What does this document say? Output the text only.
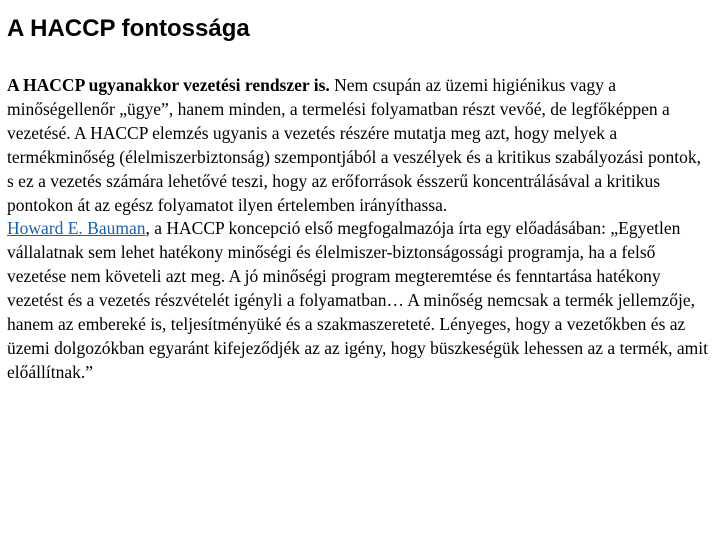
A HACCP fontossága

A HACCP ugyanakkor vezetési rendszer is. Nem csupán az üzemi higiénikus vagy a minőségellenőr „ügye”, hanem minden, a termelési folyamatban részt vevőé, de legfőképpen a vezetésé. A HACCP elemzés ugyanis a vezetés részére mutatja meg azt, hogy melyek a termékminőség (élelmiszerbiztonság) szempontjából a veszélyek és a kritikus szabályozási pontok, s ez a vezetés számára lehetővé teszi, hogy az erőforrások ésszerű koncentrálásával a kritikus pontokon át az egész folyamatot ilyen értelemben irányíthassa.

Howard E. Bauman, a HACCP koncepció első megfogalmazója írta egy előadásában: „Egyetlen vállalatnak sem lehet hatékony minőségi és élelmiszer-biztonságossági programja, ha a felső vezetése nem követeli azt meg. A jó minőségi program megteremtése és fenntartása hatékony vezetést és a vezetés részvételét igényli a folyamatban… A minőség nemcsak a termék jellemzője, hanem az embereké is, teljesítményüké és a szakmaszereteté. Lényeges, hogy a vezetőkben és az üzemi dolgozókban egyaránt kifejeződjék az az igény, hogy büszkeségük lehessen az a termék, amit előállítnak.”
